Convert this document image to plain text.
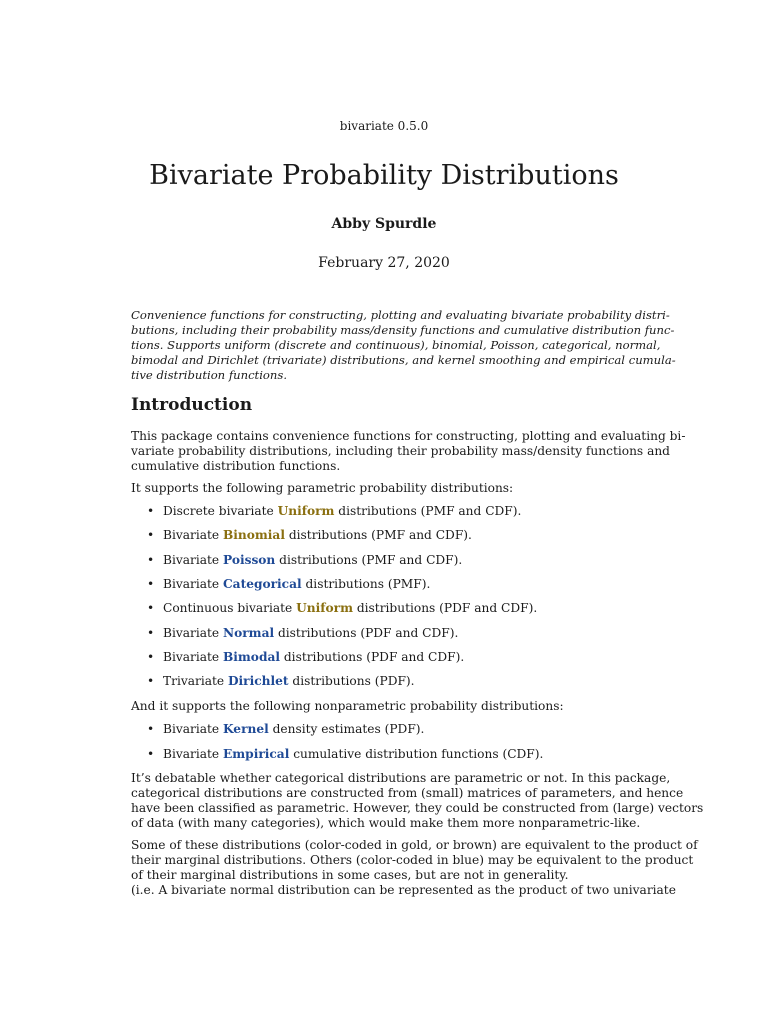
bivariate 0.5.0
Bivariate Probability Distributions
Abby Spurdle
February 27, 2020
Convenience functions for constructing, plotting and evaluating bivariate probability distri-
butions, including their probability mass/density functions and cumulative distribution func-
tions. Supports uniform (discrete and continuous), binomial, Poisson, categorical, normal,
bimodal and Dirichlet (trivariate) distributions, and kernel smoothing and empirical cumula-
tive distribution functions.
Introduction
This package contains convenience functions for constructing, plotting and evaluating bi-
variate probability distributions, including their probability mass/density functions and
cumulative distribution functions.
It supports the following parametric probability distributions:
• Discrete bivariate Uniform distributions (PMF and CDF).
• Bivariate Binomial distributions (PMF and CDF).
• Bivariate Poisson distributions (PMF and CDF).
• Bivariate Categorical distributions (PMF).
• Continuous bivariate Uniform distributions (PDF and CDF).
• Bivariate Normal distributions (PDF and CDF).
• Bivariate Bimodal distributions (PDF and CDF).
• Trivariate Dirichlet distributions (PDF).
And it supports the following nonparametric probability distributions:
• Bivariate Kernel density estimates (PDF).
• Bivariate Empirical cumulative distribution functions (CDF).
It’s debatable whether categorical distributions are parametric or not. In this package,
categorical distributions are constructed from (small) matrices of parameters, and hence
have been classified as parametric. However, they could be constructed from (large) vectors
of data (with many categories), which would make them more nonparametric-like.
Some of these distributions (color-coded in gold, or brown) are equivalent to the product of
their marginal distributions. Others (color-coded in blue) may be equivalent to the product
of their marginal distributions in some cases, but are not in generality.
(i.e. A bivariate normal distribution can be represented as the product of two univariate
